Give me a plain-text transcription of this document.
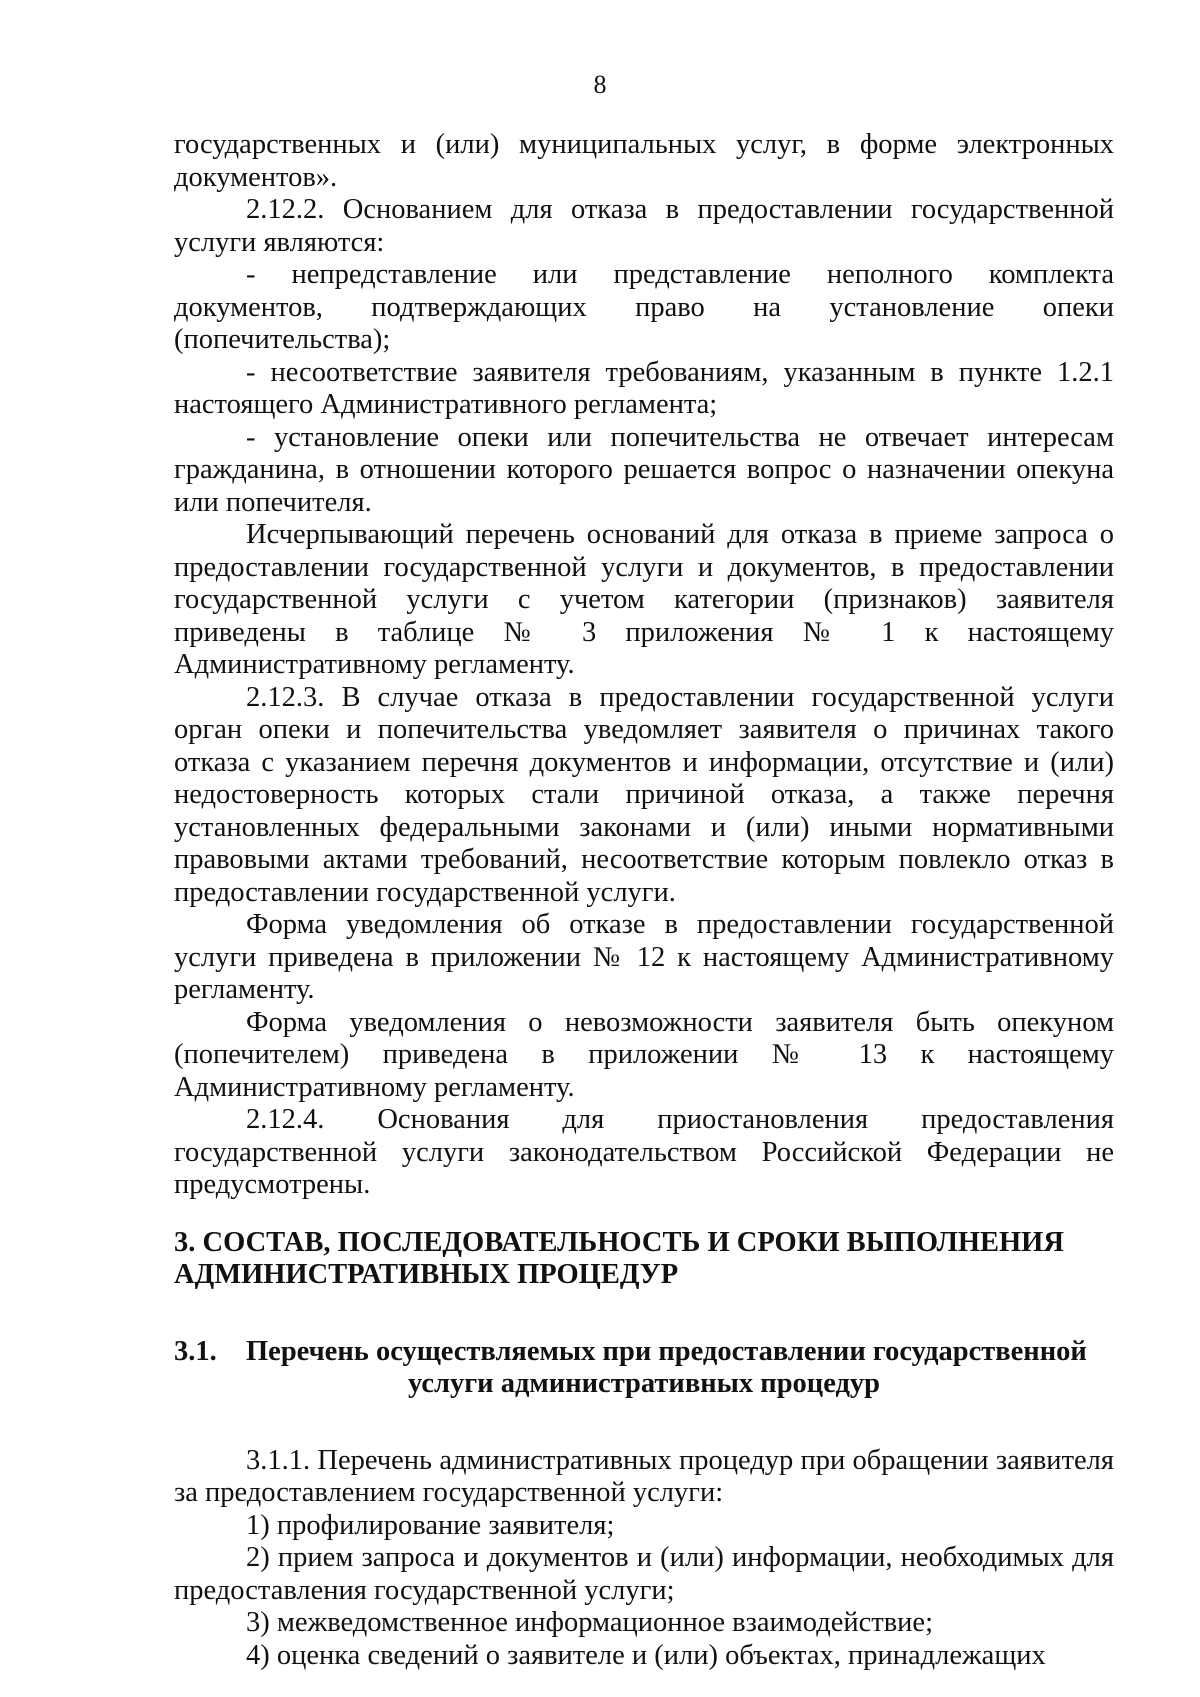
8

государственных и (или) муниципальных услуг, в форме электронных документов».

2.12.2. Основанием для отказа в предоставлении государственной услуги являются:

- непредставление или представление неполного комплекта документов, подтверждающих право на установление опеки (попечительства);

- несоответствие заявителя требованиям, указанным в пункте 1.2.1 настоящего Административного регламента;

- установление опеки или попечительства не отвечает интересам гражданина, в отношении которого решается вопрос о назначении опекуна или попечителя.

Исчерпывающий перечень оснований для отказа в приеме запроса о предоставлении государственной услуги и документов, в предоставлении государственной услуги с учетом категории (признаков) заявителя приведены в таблице № 3 приложения № 1 к настоящему Административному регламенту.

2.12.3. В случае отказа в предоставлении государственной услуги орган опеки и попечительства уведомляет заявителя о причинах такого отказа с указанием перечня документов и информации, отсутствие и (или) недостоверность которых стали причиной отказа, а также перечня установленных федеральными законами и (или) иными нормативными правовыми актами требований, несоответствие которым повлекло отказ в предоставлении государственной услуги.

Форма уведомления об отказе в предоставлении государственной услуги приведена в приложении № 12 к настоящему Административному регламенту.

Форма уведомления о невозможности заявителя быть опекуном (попечителем) приведена в приложении № 13 к настоящему Административному регламенту.

2.12.4. Основания для приостановления предоставления государственной услуги законодательством Российской Федерации не предусмотрены.

3. СОСТАВ, ПОСЛЕДОВАТЕЛЬНОСТЬ И СРОКИ ВЫПОЛНЕНИЯ
АДМИНИСТРАТИВНЫХ ПРОЦЕДУР

3.1. Перечень осуществляемых при предоставлении государственной
услуги административных процедур

3.1.1. Перечень административных процедур при обращении заявителя за предоставлением государственной услуги:

1) профилирование заявителя;

2) прием запроса и документов и (или) информации, необходимых для предоставления государственной услуги;

3) межведомственное информационное взаимодействие;

4) оценка сведений о заявителе и (или) объектах, принадлежащих
